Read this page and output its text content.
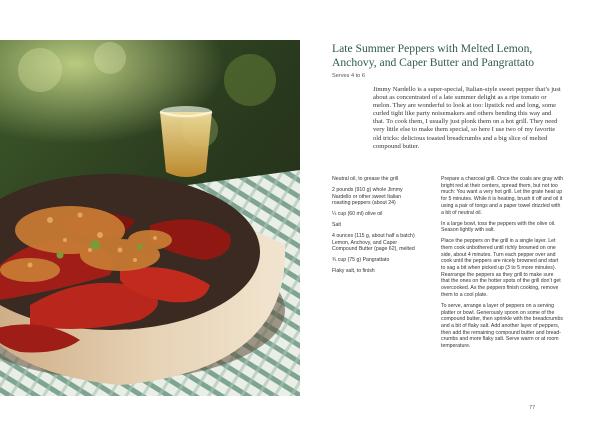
Late Summer Peppers with Melted Lemon,
Anchovy, and Caper Butter and Pangrattato

Serves 4 to 6

Jimmy Nardello is a super-special, Italian-style sweet pepper that’s just
about as concentrated of a late summer delight as a ripe tomato or
melon. They are wonderful to look at too: lipstick red and long, some
curled tight like party noisemakers and others bending this way and
that. To cook them, I usually just plonk them on a hot grill. They need
very little else to make them special, so here I use two of my favorite
old tricks: delicious toasted breadcrumbs and a big slice of melted
compound butter.

Neutral oil, to grease the grill
2 pounds (910 g) whole Jimmy
Nardello or other sweet Italian
roasting peppers (about 24)
¼ cup (60 ml) olive oil
Salt
4 ounces (115 g, about half a batch)
Lemon, Anchovy, and Caper
Compound Butter (page 62), melted
¾ cup (75 g) Pangrattato
Flaky salt, to finish

Prepare a charcoal grill. Once the coals are gray with
bright red at their centers, spread them, but not too
much: You want a very hot grill. Let the grate heat up
for 5 minutes. While it is heating, brush it off and oil it
using a pair of tongs and a paper towel drizzled with
a bit of neutral oil.

In a large bowl, toss the peppers with the olive oil.
Season lightly with salt.

Place the peppers on the grill in a single layer. Let
them cook unbothered until richly browned on one
side, about 4 minutes. Turn each pepper over and
cook until the peppers are nicely browned and start
to sag a bit when picked up (3 to 5 more minutes).
Rearrange the peppers as they grill to make sure
that the ones on the hotter spots of the grill don’t get
overcooked. As the peppers finish cooking, remove
them to a cool plate.

To serve, arrange a layer of peppers on a serving
platter or bowl. Generously spoon on some of the
compound butter, then sprinkle with the breadcrumbs
and a bit of flaky salt. Add another layer of peppers,
then add the remaining compound butter and bread-
crumbs and more flaky salt. Serve warm or at room
temperature.

77
